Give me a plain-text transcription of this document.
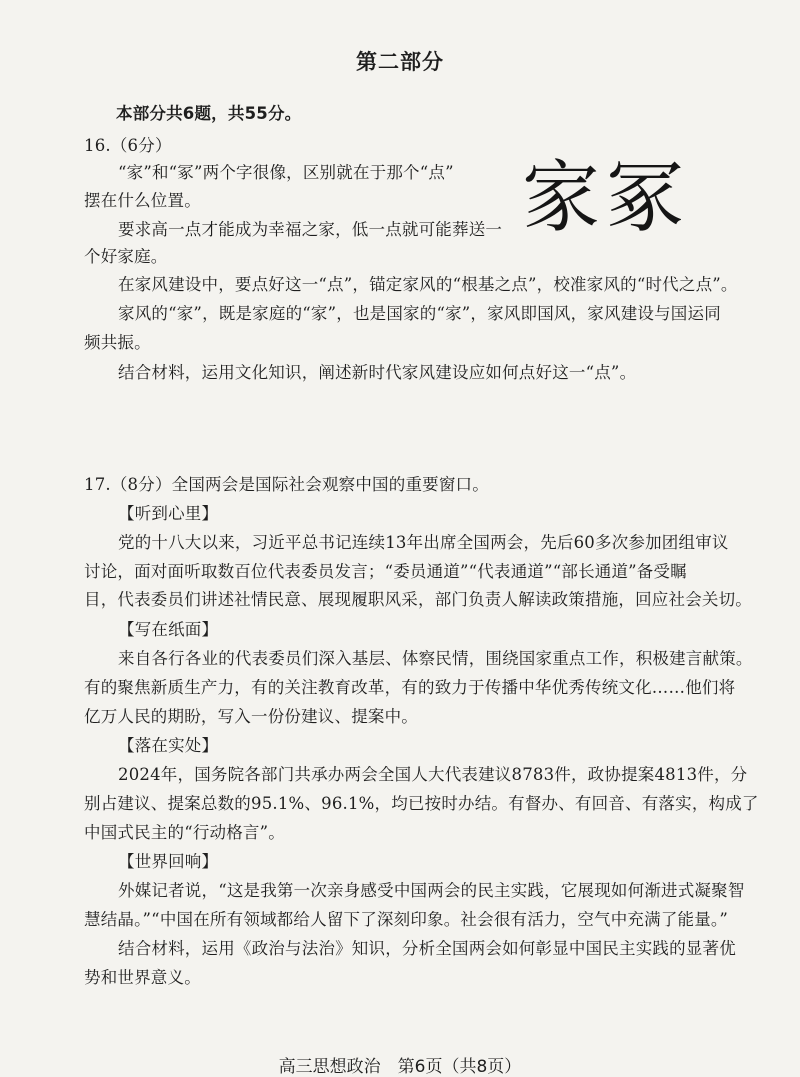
第二部分
本部分共6题，共55分。
16.（6分）
“家”和“冢”两个字很像，区别就在于那个“点”
摆在什么位置。
要求高一点才能成为幸福之家，低一点就可能葬送一
个好家庭。
在家风建设中，要点好这一“点”，锚定家风的“根基之点”，校准家风的“时代之点”。
家风的“家”，既是家庭的“家”，也是国家的“家”，家风即国风，家风建设与国运同
频共振。
结合材料，运用文化知识，阐述新时代家风建设应如何点好这一“点”。
家冢
17.（8分）全国两会是国际社会观察中国的重要窗口。
【听到心里】
党的十八大以来，习近平总书记连续13年出席全国两会，先后60多次参加团组审议
讨论，面对面听取数百位代表委员发言；“委员通道”“代表通道”“部长通道”备受瞩
目，代表委员们讲述社情民意、展现履职风采，部门负责人解读政策措施，回应社会关切。
【写在纸面】
来自各行各业的代表委员们深入基层、体察民情，围绕国家重点工作，积极建言献策。
有的聚焦新质生产力，有的关注教育改革，有的致力于传播中华优秀传统文化……他们将
亿万人民的期盼，写入一份份建议、提案中。
【落在实处】
2024年，国务院各部门共承办两会全国人大代表建议8783件，政协提案4813件，分
别占建议、提案总数的95.1%、96.1%，均已按时办结。有督办、有回音、有落实，构成了
中国式民主的“行动格言”。
【世界回响】
外媒记者说，“这是我第一次亲身感受中国两会的民主实践，它展现如何渐进式凝聚智
慧结晶。”“中国在所有领域都给人留下了深刻印象。社会很有活力，空气中充满了能量。”
结合材料，运用《政治与法治》知识，分析全国两会如何彰显中国民主实践的显著优
势和世界意义。
高三思想政治　第6页（共8页）
